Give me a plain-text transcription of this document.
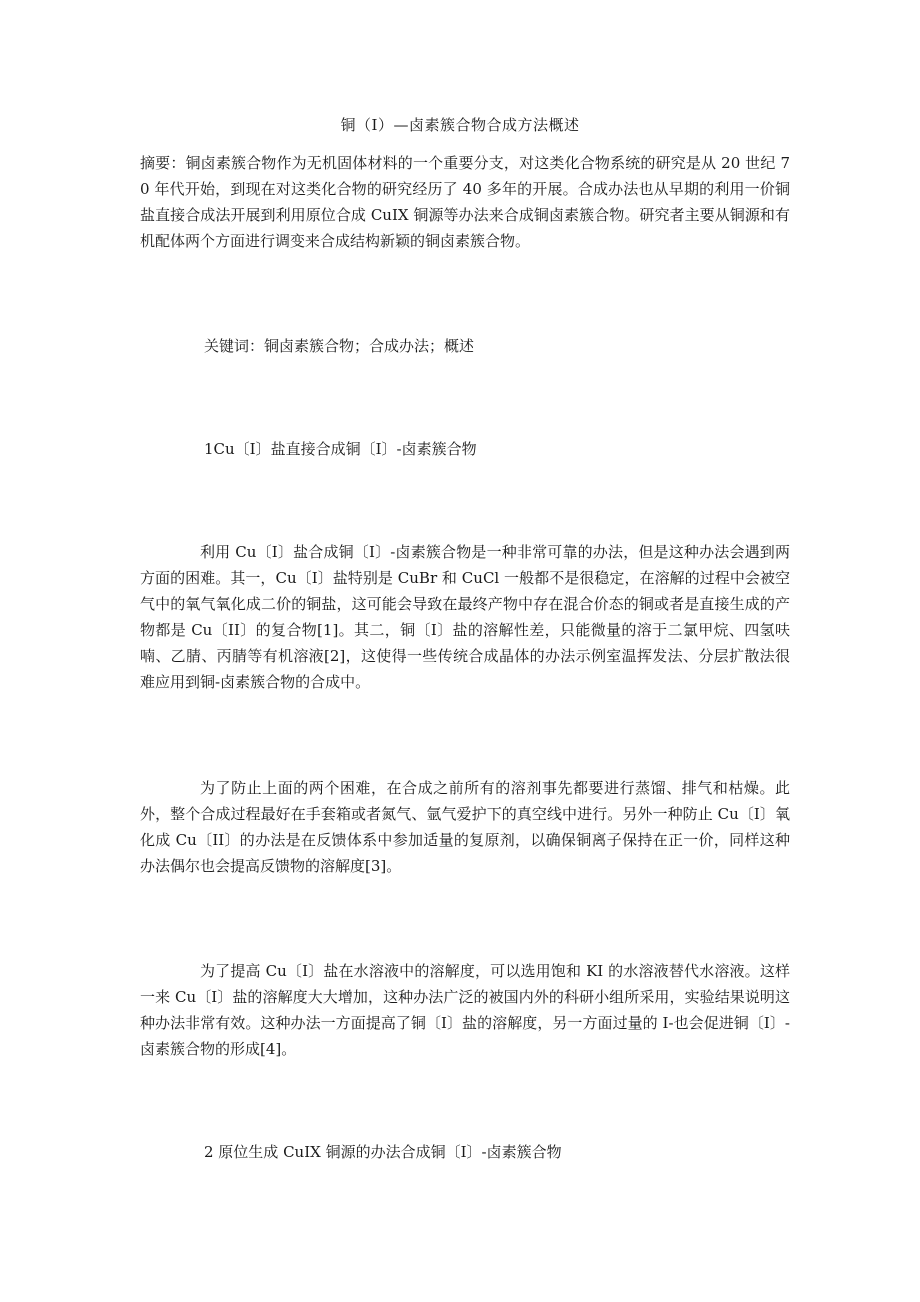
铜（I）—卤素簇合物合成方法概述
摘要：铜卤素簇合物作为无机固体材料的一个重要分支，对这类化合物系统的研究是从 20 世纪 70 年代开始，到现在对这类化合物的研究经历了 40 多年的开展。合成办法也从早期的利用一价铜盐直接合成法开展到利用原位合成 CuIX 铜源等办法来合成铜卤素簇合物。研究者主要从铜源和有机配体两个方面进行调变来合成结构新颖的铜卤素簇合物。
关键词：铜卤素簇合物；合成办法；概述
1Cu〔I〕盐直接合成铜〔I〕-卤素簇合物
利用 Cu〔I〕盐合成铜〔I〕-卤素簇合物是一种非常可靠的办法，但是这种办法会遇到两方面的困难。其一，Cu〔I〕盐特别是 CuBr 和 CuCl 一般都不是很稳定，在溶解的过程中会被空气中的氧气氧化成二价的铜盐，这可能会导致在最终产物中存在混合价态的铜或者是直接生成的产物都是 Cu〔II〕的复合物[1]。其二，铜〔I〕盐的溶解性差，只能微量的溶于二氯甲烷、四氢呋喃、乙腈、丙腈等有机溶液[2]，这使得一些传统合成晶体的办法示例室温挥发法、分层扩散法很难应用到铜-卤素簇合物的合成中。
为了防止上面的两个困难，在合成之前所有的溶剂事先都要进行蒸馏、排气和枯燥。此外，整个合成过程最好在手套箱或者氮气、氩气爱护下的真空线中进行。另外一种防止 Cu〔I〕氧化成 Cu〔II〕的办法是在反馈体系中参加适量的复原剂，以确保铜离子保持在正一价，同样这种办法偶尔也会提高反馈物的溶解度[3]。
为了提高 Cu〔I〕盐在水溶液中的溶解度，可以选用饱和 KI 的水溶液替代水溶液。这样一来 Cu〔I〕盐的溶解度大大增加，这种办法广泛的被国内外的科研小组所采用，实验结果说明这种办法非常有效。这种办法一方面提高了铜〔I〕盐的溶解度，另一方面过量的 I-也会促进铜〔I〕-卤素簇合物的形成[4]。
2 原位生成 CuIX 铜源的办法合成铜〔I〕-卤素簇合物
